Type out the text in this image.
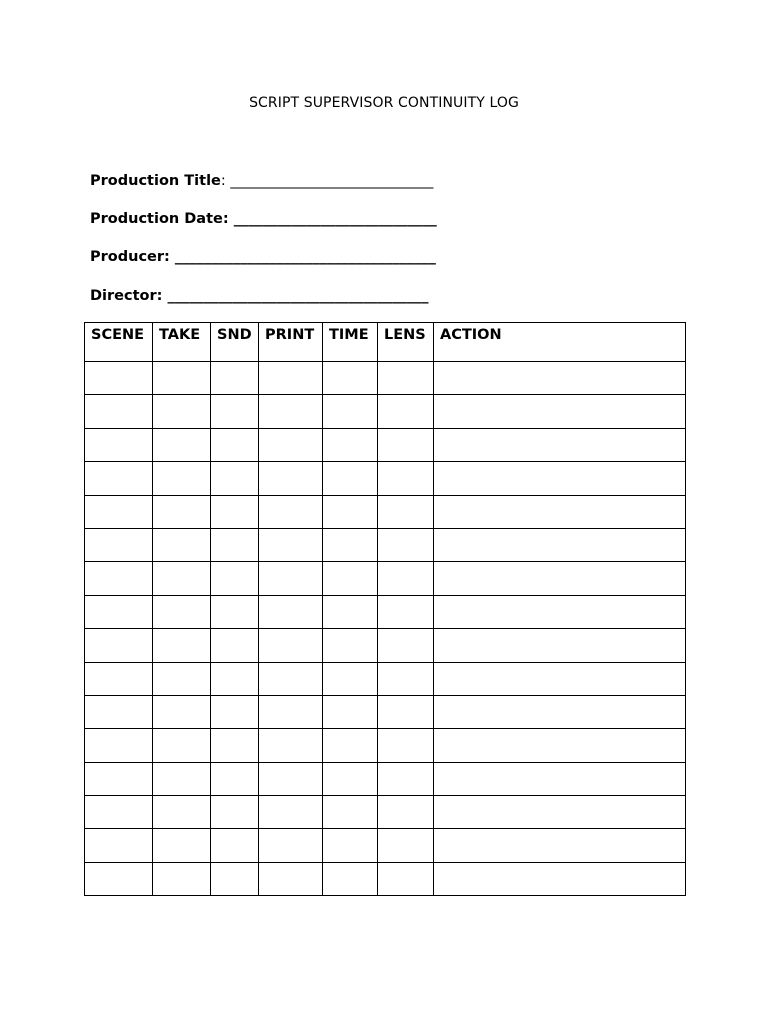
SCRIPT SUPERVISOR CONTINUITY LOG
Production Title: ____________________________
Production Date: ____________________________
Producer: ____________________________________
Director: ____________________________________
SCENE	TAKE	SND	PRINT	TIME	LENS	ACTION
